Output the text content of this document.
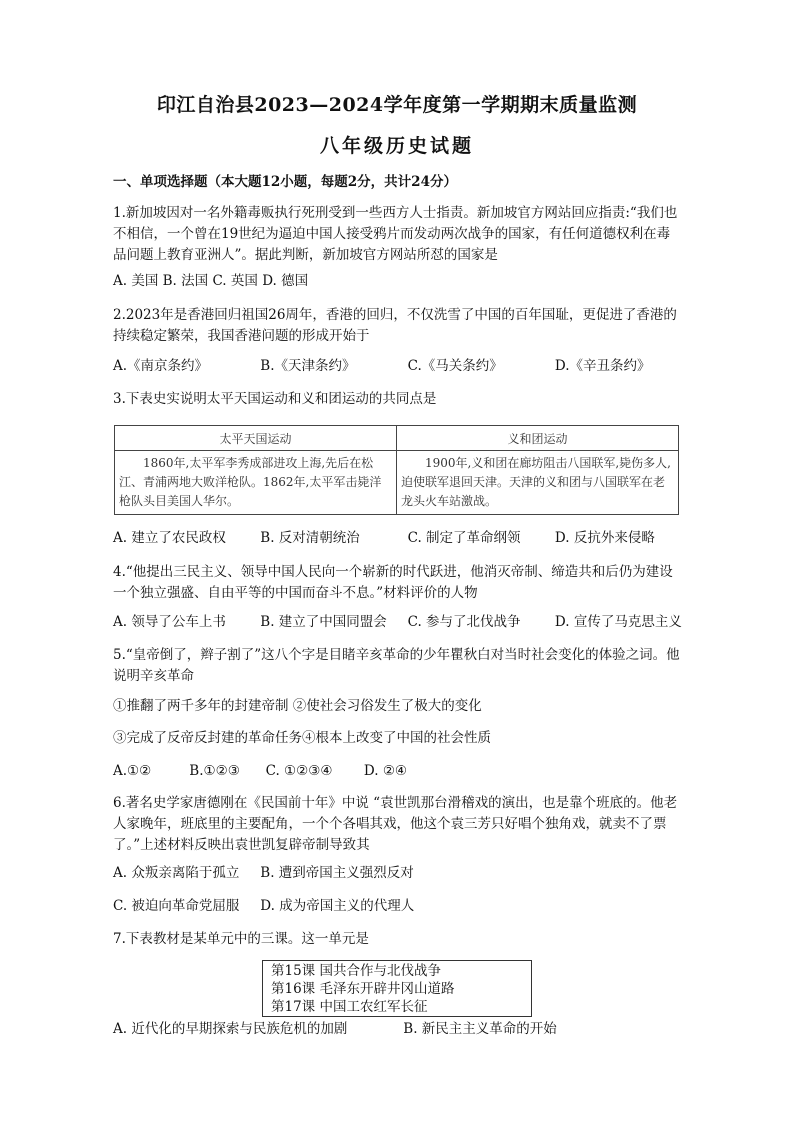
印江自治县2023—2024学年度第一学期期末质量监测
八年级历史试题
一、单项选择题（本大题12小题，每题2分，共计24分）
1.新加坡因对一名外籍毒贩执行死刑受到一些西方人士指责。新加坡官方网站回应指责:“我们也不相信，一个曾在19世纪为逼迫中国人接受鸦片而发动两次战争的国家，有任何道德权利在毒品问题上教育亚洲人”。据此判断，新加坡官方网站所怼的国家是
A. 美国 B. 法国 C. 英国 D. 德国
2.2023年是香港回归祖国26周年，香港的回归，不仅洗雪了中国的百年国耻，更促进了香港的持续稳定繁荣，我国香港问题的形成开始于
A.《南京条约》	B.《天津条约》	C.《马关条约》	D.《辛丑条约》
3.下表史实说明太平天国运动和义和团运动的共同点是
太平天国运动	义和团运动
1860年,太平军李秀成部进攻上海,先后在松江、青浦两地大败洋枪队。1862年,太平军击毙洋枪队头目美国人华尔。	1900年,义和团在廊坊阻击八国联军,毙伤多人,迫使联军退回天津。天津的义和团与八国联军在老龙头火车站激战。
A. 建立了农民政权	B. 反对清朝统治	C. 制定了革命纲领	D. 反抗外来侵略
4.“他提出三民主义、领导中国人民向一个崭新的时代跃进，他消灭帝制、缔造共和后仍为建设一个独立强盛、自由平等的中国而奋斗不息。”材料评价的人物
A. 领导了公车上书	B. 建立了中国同盟会 C. 参与了北伐战争	D. 宣传了马克思主义
5.“皇帝倒了，辫子割了”这八个字是目睹辛亥革命的少年瞿秋白对当时社会变化的体验之词。他说明辛亥革命
①推翻了两千多年的封建帝制 ②使社会习俗发生了极大的变化
③完成了反帝反封建的革命任务④根本上改变了中国的社会性质
A.①②	B.①②③ C. ①②③④ D. ②④
6.著名史学家唐德刚在《民国前十年》中说 “袁世凯那台滑稽戏的演出，也是靠个班底的。他老人家晚年，班底里的主要配角，一个个各唱其戏，他这个袁三芳只好唱个独角戏，就卖不了票了。”上述材料反映出袁世凯复辟帝制导致其
A. 众叛亲离陷于孤立 B. 遭到帝国主义强烈反对
C. 被迫向革命党屈服 D. 成为帝国主义的代理人
7.下表教材是某单元中的三课。这一单元是
第15课 国共合作与北伐战争
第16课 毛泽东开辟井冈山道路
第17课 中国工农红军长征
A. 近代化的早期探索与民族危机的加剧	B. 新民主主义革命的开始
